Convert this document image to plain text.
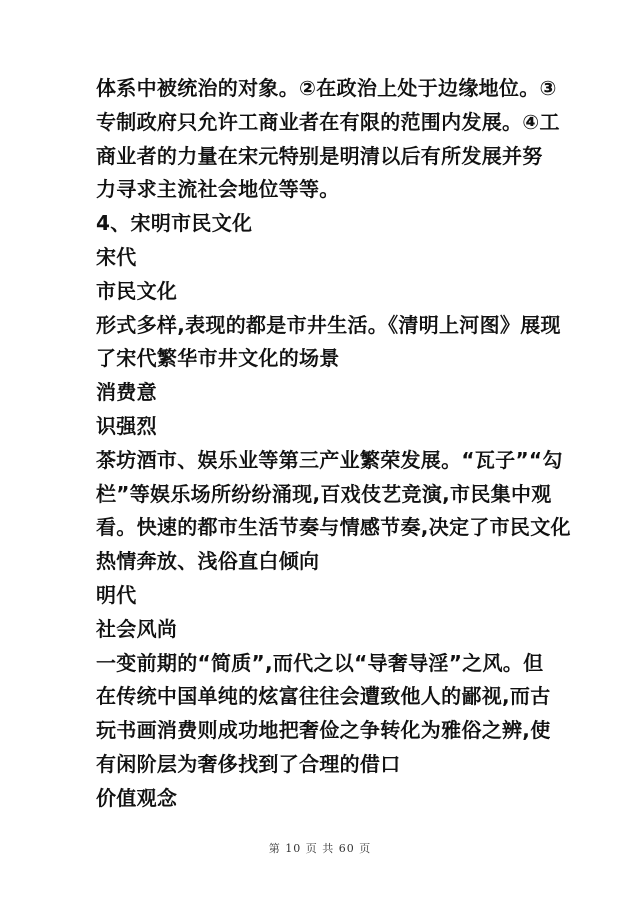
体系中被统治的对象。②在政治上处于边缘地位。③
专制政府只允许工商业者在有限的范围内发展。④工
商业者的力量在宋元特别是明清以后有所发展并努
力寻求主流社会地位等等。
4、宋明市民文化
宋代
市民文化
形式多样,表现的都是市井生活。《清明上河图》展现
了宋代繁华市井文化的场景
消费意
识强烈
茶坊酒市、娱乐业等第三产业繁荣发展。“瓦子”“勾
栏”等娱乐场所纷纷涌现,百戏伎艺竞演,市民集中观
看。快速的都市生活节奏与情感节奏,决定了市民文化
热情奔放、浅俗直白倾向
明代
社会风尚
一变前期的“简质”,而代之以“导奢导淫”之风。但
在传统中国单纯的炫富往往会遭致他人的鄙视,而古
玩书画消费则成功地把奢俭之争转化为雅俗之辨,使
有闲阶层为奢侈找到了合理的借口
价值观念
第 10 页 共 60 页
